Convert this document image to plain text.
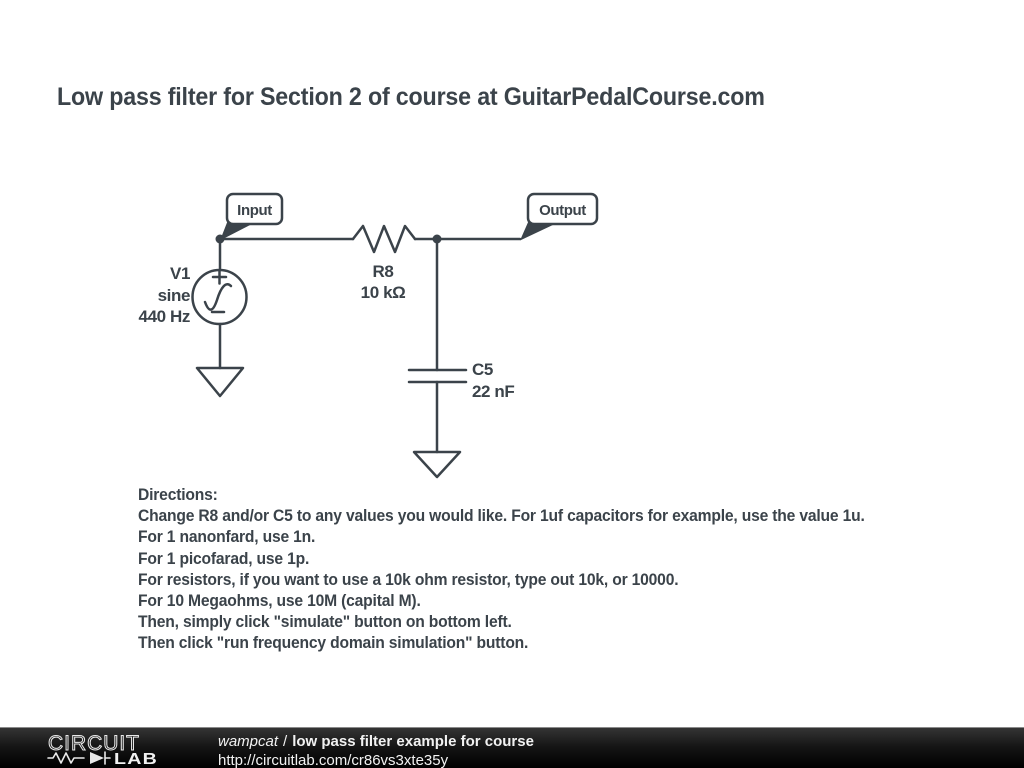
Low pass filter for Section 2 of course at GuitarPedalCourse.com
R8
10 kΩ
V1
sine
440 Hz
C5
22 nF
Input	Output
Directions:
Change R8 and/or C5 to any values you would like. For 1uf capacitors for example, use the value 1u.
For 1 nanonfard, use 1n.
For 1 picofarad, use 1p.
For resistors, if you want to use a 10k ohm resistor, type out 10k, or 10000.
For 10 Megaohms, use 10M (capital M).
Then, simply click "simulate" button on bottom left.
Then click "run frequency domain simulation" button.
CIRCUIT
LAB
wampcat / low pass filter example for course
http://circuitlab.com/cr86vs3xte35y
